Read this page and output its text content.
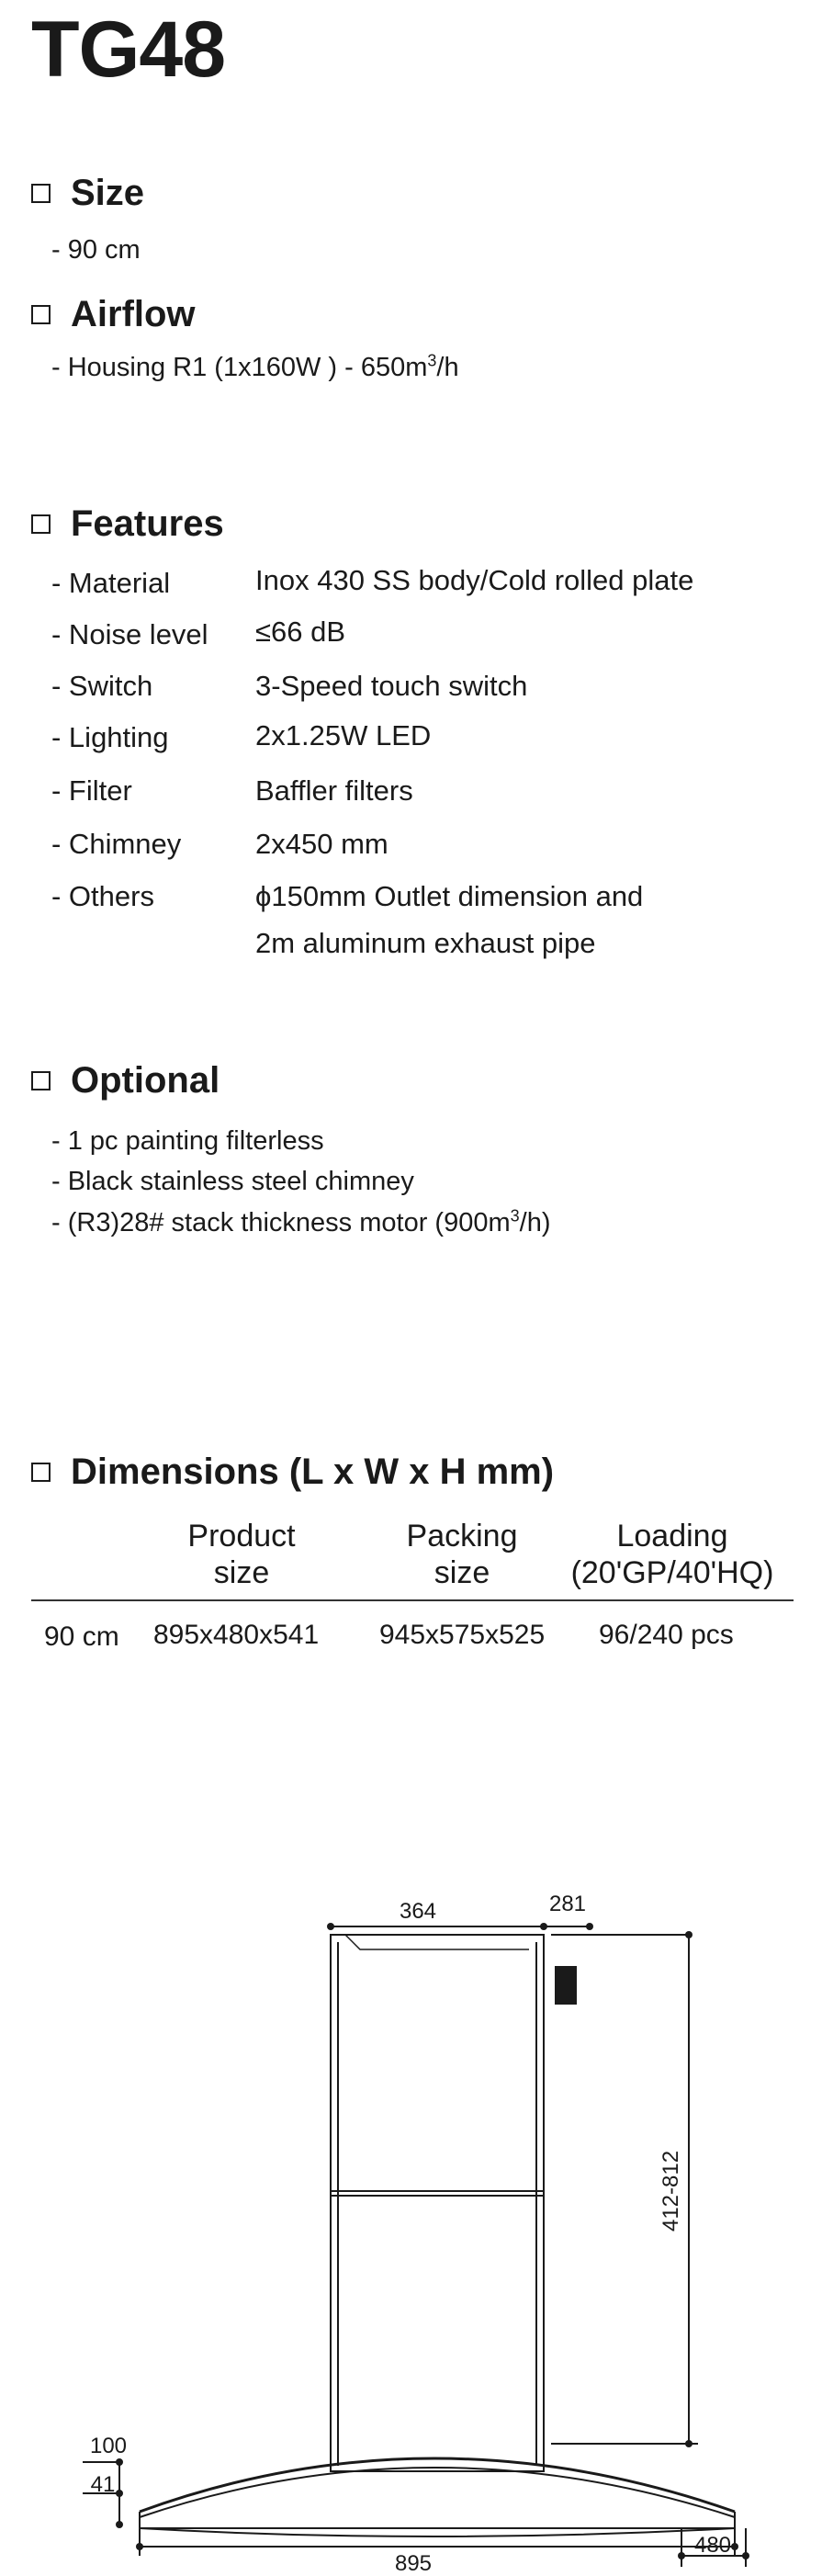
TG48
Size
- 90 cm
Airflow
- Housing R1 (1x160W ) - $650m^3/h$
Features
- Material	Inox 430 SS body/Cold rolled plate
- Noise level ≤66 dB
- Switch	3-Speed touch switch
- Lighting	2x1.25W LED
- Filter	Baffler filters
- Chimney	2x450 mm
- Others	ϕ150mm Outlet dimension and
2m aluminum exhaust pipe
Optional
- 1 pc painting filterless
- Black stainless steel chimney
- (R3)28# stack thickness motor $(900m^3/h)$
Dimensions (L x W x H mm)
Product
size
Packing
size
Loading
(20'GP/40'HQ)
90 cm 895x480x541 945x575x525 96/240 pcs
364	281
412-812
100
41
895
480
